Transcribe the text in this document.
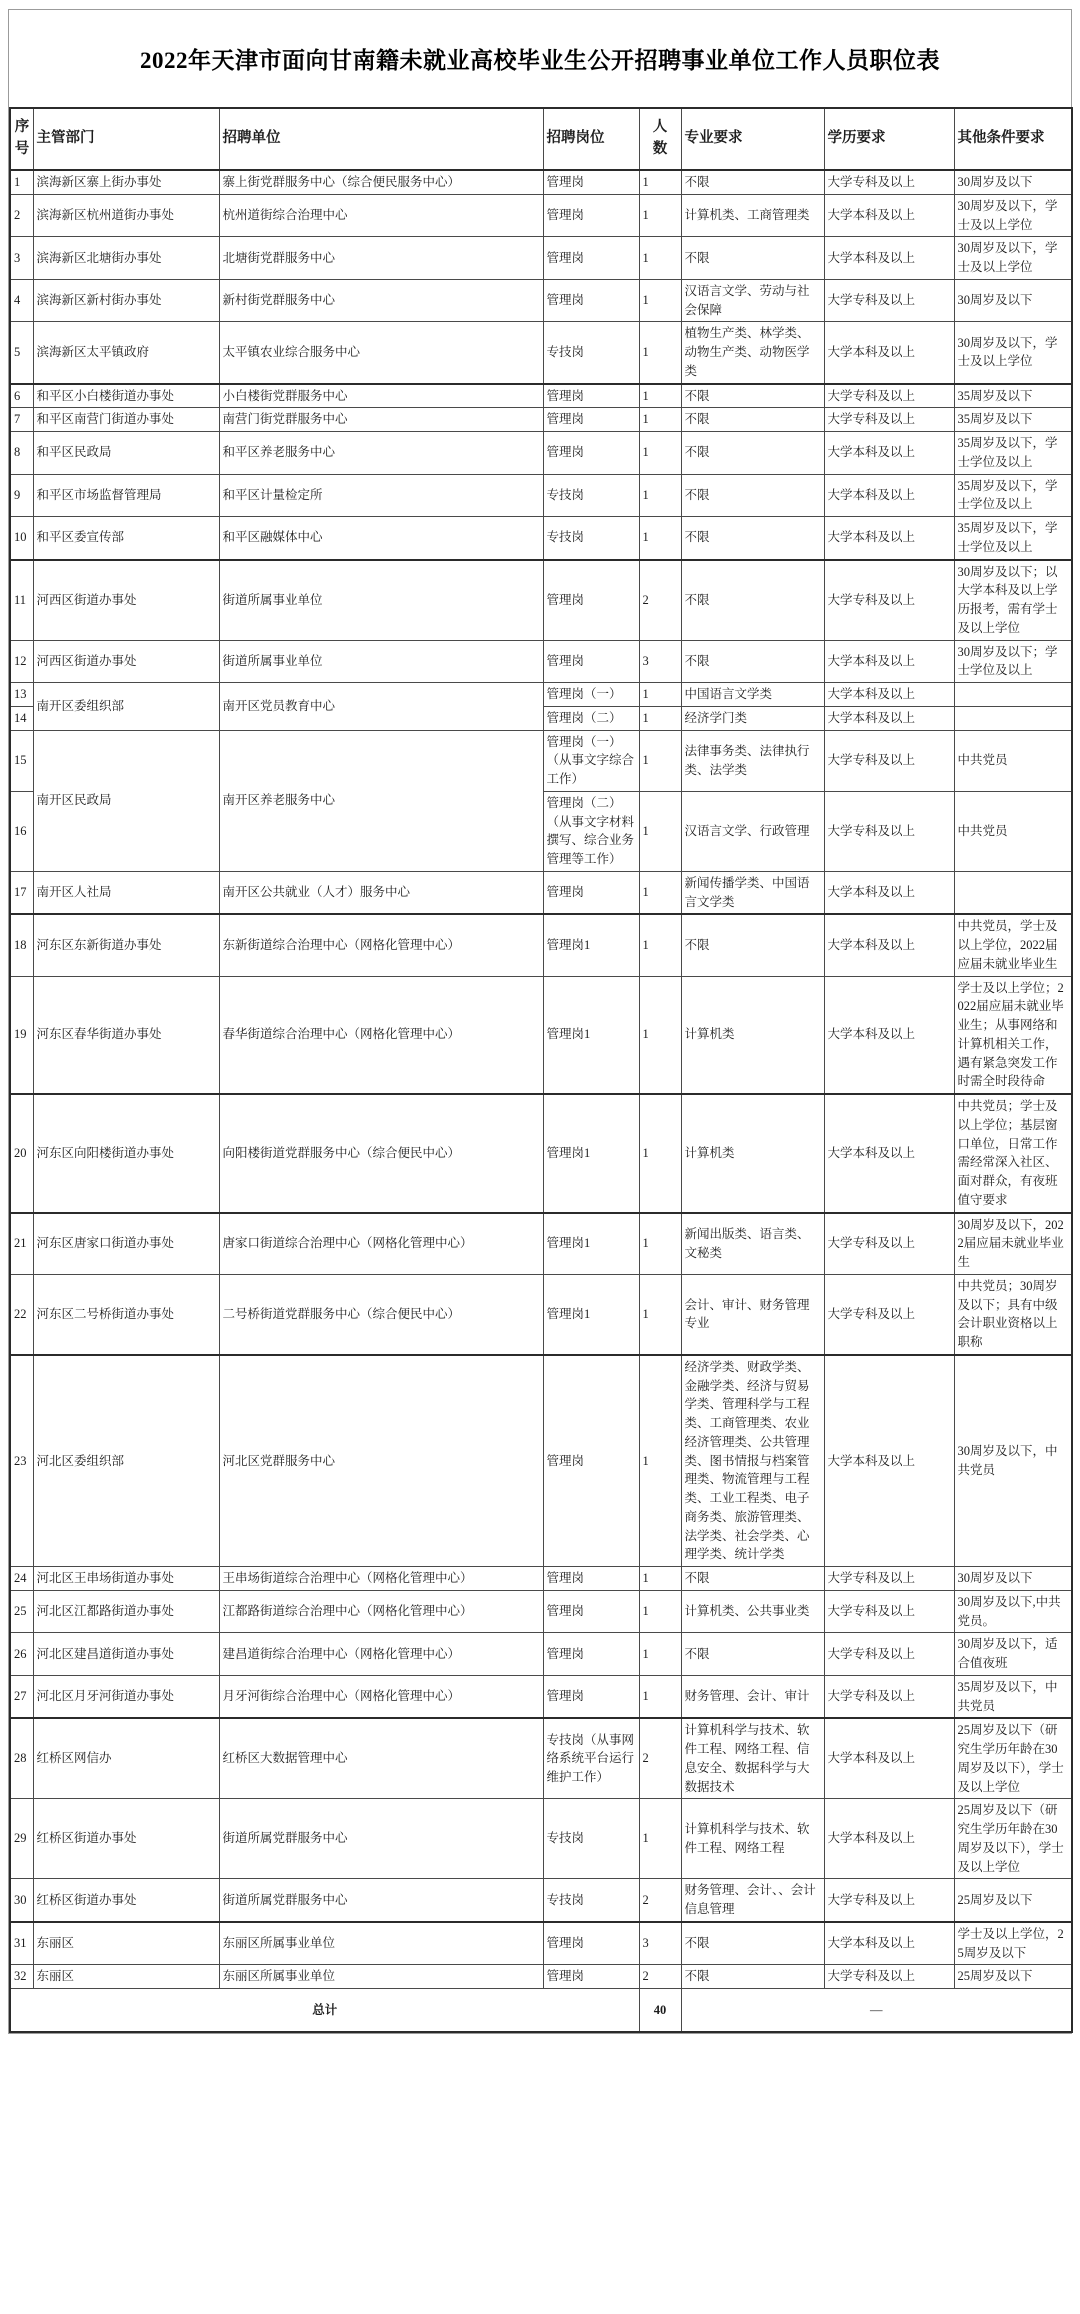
2022年天津市面向甘南籍未就业高校毕业生公开招聘事业单位工作人员职位表
序号	主管部门	招聘单位	招聘岗位	人数	专业要求	学历要求	其他条件要求
1	滨海新区寨上街办事处	寨上街党群服务中心（综合便民服务中心）	管理岗	1	不限	大学专科及以上	30周岁及以下
2	滨海新区杭州道街办事处	杭州道街综合治理中心	管理岗	1	计算机类、工商管理类	大学本科及以上	30周岁及以下，学士及以上学位
3	滨海新区北塘街办事处	北塘街党群服务中心	管理岗	1	不限	大学本科及以上	30周岁及以下，学士及以上学位
4	滨海新区新村街办事处	新村街党群服务中心	管理岗	1	汉语言文学、劳动与社会保障	大学专科及以上	30周岁及以下
5	滨海新区太平镇政府	太平镇农业综合服务中心	专技岗	1	植物生产类、林学类、动物生产类、动物医学类	大学本科及以上	30周岁及以下，学士及以上学位
6	和平区小白楼街道办事处	小白楼街党群服务中心	管理岗	1	不限	大学专科及以上	35周岁及以下
7	和平区南营门街道办事处	南营门街党群服务中心	管理岗	1	不限	大学专科及以上	35周岁及以下
8	和平区民政局	和平区养老服务中心	管理岗	1	不限	大学本科及以上	35周岁及以下，学士学位及以上
9	和平区市场监督管理局	和平区计量检定所	专技岗	1	不限	大学本科及以上	35周岁及以下，学士学位及以上
10	和平区委宣传部	和平区融媒体中心	专技岗	1	不限	大学本科及以上	35周岁及以下，学士学位及以上
11	河西区街道办事处	街道所属事业单位	管理岗	2	不限	大学专科及以上	30周岁及以下；以大学本科及以上学历报考，需有学士及以上学位
12	河西区街道办事处	街道所属事业单位	管理岗	3	不限	大学本科及以上	30周岁及以下；学士学位及以上
13	南开区委组织部	南开区党员教育中心	管理岗（一）	1	中国语言文学类	大学本科及以上	
14			管理岗（二）	1	经济学门类	大学本科及以上	
15	南开区民政局	南开区养老服务中心	管理岗（一）（从事文字综合工作）	1	法律事务类、法律执行类、法学类	大学专科及以上	中共党员
16			管理岗（二）（从事文字材料撰写、综合业务管理等工作）	1	汉语言文学、行政管理	大学专科及以上	中共党员
17	南开区人社局	南开区公共就业（人才）服务中心	管理岗	1	新闻传播学类、中国语言文学类	大学本科及以上	
18	河东区东新街道办事处	东新街道综合治理中心（网格化管理中心）	管理岗1	1	不限	大学本科及以上	中共党员，学士及以上学位，2022届应届未就业毕业生
19	河东区春华街道办事处	春华街道综合治理中心（网格化管理中心）	管理岗1	1	计算机类	大学本科及以上	学士及以上学位；2022届应届未就业毕业生；从事网络和计算机相关工作，遇有紧急突发工作时需全时段待命
20	河东区向阳楼街道办事处	向阳楼街道党群服务中心（综合便民中心）	管理岗1	1	计算机类	大学本科及以上	中共党员；学士及以上学位；基层窗口单位，日常工作需经常深入社区、面对群众，有夜班值守要求
21	河东区唐家口街道办事处	唐家口街道综合治理中心（网格化管理中心）	管理岗1	1	新闻出版类、语言类、文秘类	大学专科及以上	30周岁及以下，2022届应届未就业毕业生
22	河东区二号桥街道办事处	二号桥街道党群服务中心（综合便民中心）	管理岗1	1	会计、审计、财务管理专业	大学专科及以上	中共党员；30周岁及以下；具有中级会计职业资格以上职称
23	河北区委组织部	河北区党群服务中心	管理岗	1	经济学类、财政学类、金融学类、经济与贸易学类、管理科学与工程类、工商管理类、农业经济管理类、公共管理类、图书情报与档案管理类、物流管理与工程类、工业工程类、电子商务类、旅游管理类、法学类、社会学类、心理学类、统计学类	大学本科及以上	30周岁及以下，中共党员
24	河北区王串场街道办事处	王串场街道综合治理中心（网格化管理中心）	管理岗	1	不限	大学专科及以上	30周岁及以下
25	河北区江都路街道办事处	江都路街道综合治理中心（网格化管理中心）	管理岗	1	计算机类、公共事业类	大学专科及以上	30周岁及以下,中共党员。
26	河北区建昌道街道办事处	建昌道街综合治理中心（网格化管理中心）	管理岗	1	不限	大学专科及以上	30周岁及以下，适合值夜班
27	河北区月牙河街道办事处	月牙河街综合治理中心（网格化管理中心）	管理岗	1	财务管理、会计、审计	大学专科及以上	35周岁及以下，中共党员
28	红桥区网信办	红桥区大数据管理中心	专技岗（从事网络系统平台运行维护工作）	2	计算机科学与技术、软件工程、网络工程、信息安全、数据科学与大数据技术	大学本科及以上	25周岁及以下（研究生学历年龄在30周岁及以下），学士及以上学位
29	红桥区街道办事处	街道所属党群服务中心	专技岗	1	计算机科学与技术、软件工程、网络工程	大学本科及以上	25周岁及以下（研究生学历年龄在30周岁及以下），学士及以上学位
30	红桥区街道办事处	街道所属党群服务中心	专技岗	2	财务管理、会计、、会计信息管理	大学专科及以上	25周岁及以下
31	东丽区	东丽区所属事业单位	管理岗	3	不限	大学本科及以上	学士及以上学位，25周岁及以下
32	东丽区	东丽区所属事业单位	管理岗	2	不限	大学专科及以上	25周岁及以下
总计				40	—		
